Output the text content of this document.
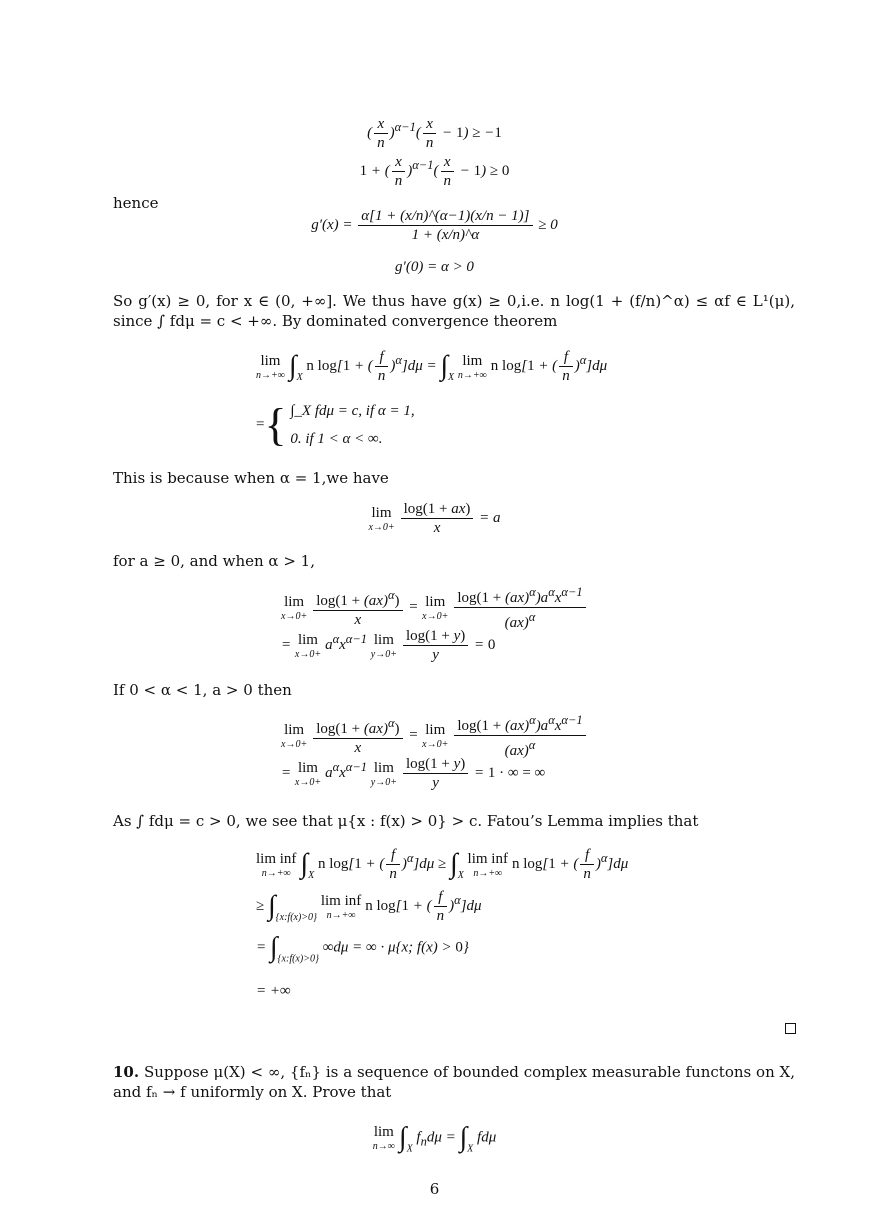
( $\frac{x}{n} )^{\alpha-1}( \frac{x}{n} - 1) \ge -1$
1 + ( $\frac{x}{n} )^{\alpha-1}( \frac{x}{n} - 1) \ge 0$
hence
$g'(x) = \frac{\alpha[1 + (x/n)\^{}(\alpha-1)(x/n - 1)]}{1 + (x/n)\^{}\alpha} \ge 0$
g′(0) = α > 0
So g′(x) ≥ 0, for x ∈ (0, +∞]. We thus have g(x) ≥ 0,i.e. n log(1 + (f/n)^α) ≤ αf ∈ L¹(μ), since ∫ fdμ = c < +∞. By dominated convergence theorem
lim
n→+∞ $\int_X$ n log[1 + ( $\frac{f}{n} )^\alpha]d\mu = \int_X$ lim
n→+∞
n log[1 + ( $\frac{f}{n} )^\alpha]d\mu$
={ ∫_X fdμ = c, if α = 1,
0. if 1 < α < ∞.
This is because when α = 1,we have
lim
$x\to 0+ \frac{\log(1 + ax)}{x} = a$
for a ≥ 0, and when α > 1,
lim
$x\to 0+ \frac{\log(1 + (ax)^\alpha)}{x} = \lim$
$x\to 0+ \frac{\log(1 + (ax)^\alpha)a^\alpha x^{\alpha-1}}{(ax)^\alpha}$
= lim
x→0+
$a^\alpha x^{\alpha-1}$ lim
$y\to 0+ \frac{\log(1 + y)}{y} = 0$
If 0 < α < 1, a > 0 then
lim
$x\to 0+ \frac{\log(1 + (ax)^\alpha)}{x} = \lim$
$x\to 0+ \frac{\log(1 + (ax)^\alpha)a^\alpha x^{\alpha-1}}{(ax)^\alpha}$
= lim
x→0+
$a^\alpha x^{\alpha-1}$ lim
$y\to 0+ \frac{\log(1 + y)}{y} = 1$ · ∞ = ∞
As ∫ fdμ = c > 0, we see that μ{x : f(x) > 0} > c. Fatou’s Lemma implies that
lim inf
n→+∞ $\int_X$ n log[1 + ( $\frac{f}{n} )^\alpha]d\mu \ge \int_X$ lim inf
n→+∞
n log[1 + ( $\frac{f}{n} )^\alpha]d\mu$
≥ $\int_{\{x:f(x)>0\}}$ lim inf
n→+∞
n log[1 + ( $\frac{f}{n} )^\alpha]d\mu$
= $\int_{\{x:f(x)>0\}}$ ∞dμ = ∞ · μ{x; f(x) > 0}
= +∞
10. Suppose μ(X) < ∞, {fₙ} is a sequence of bounded complex measurable functons on X, and fₙ → f uniformly on X. Prove that
lim
n→∞ $\int_X$ $f_nd\mu = \int_X$ fdμ
6
